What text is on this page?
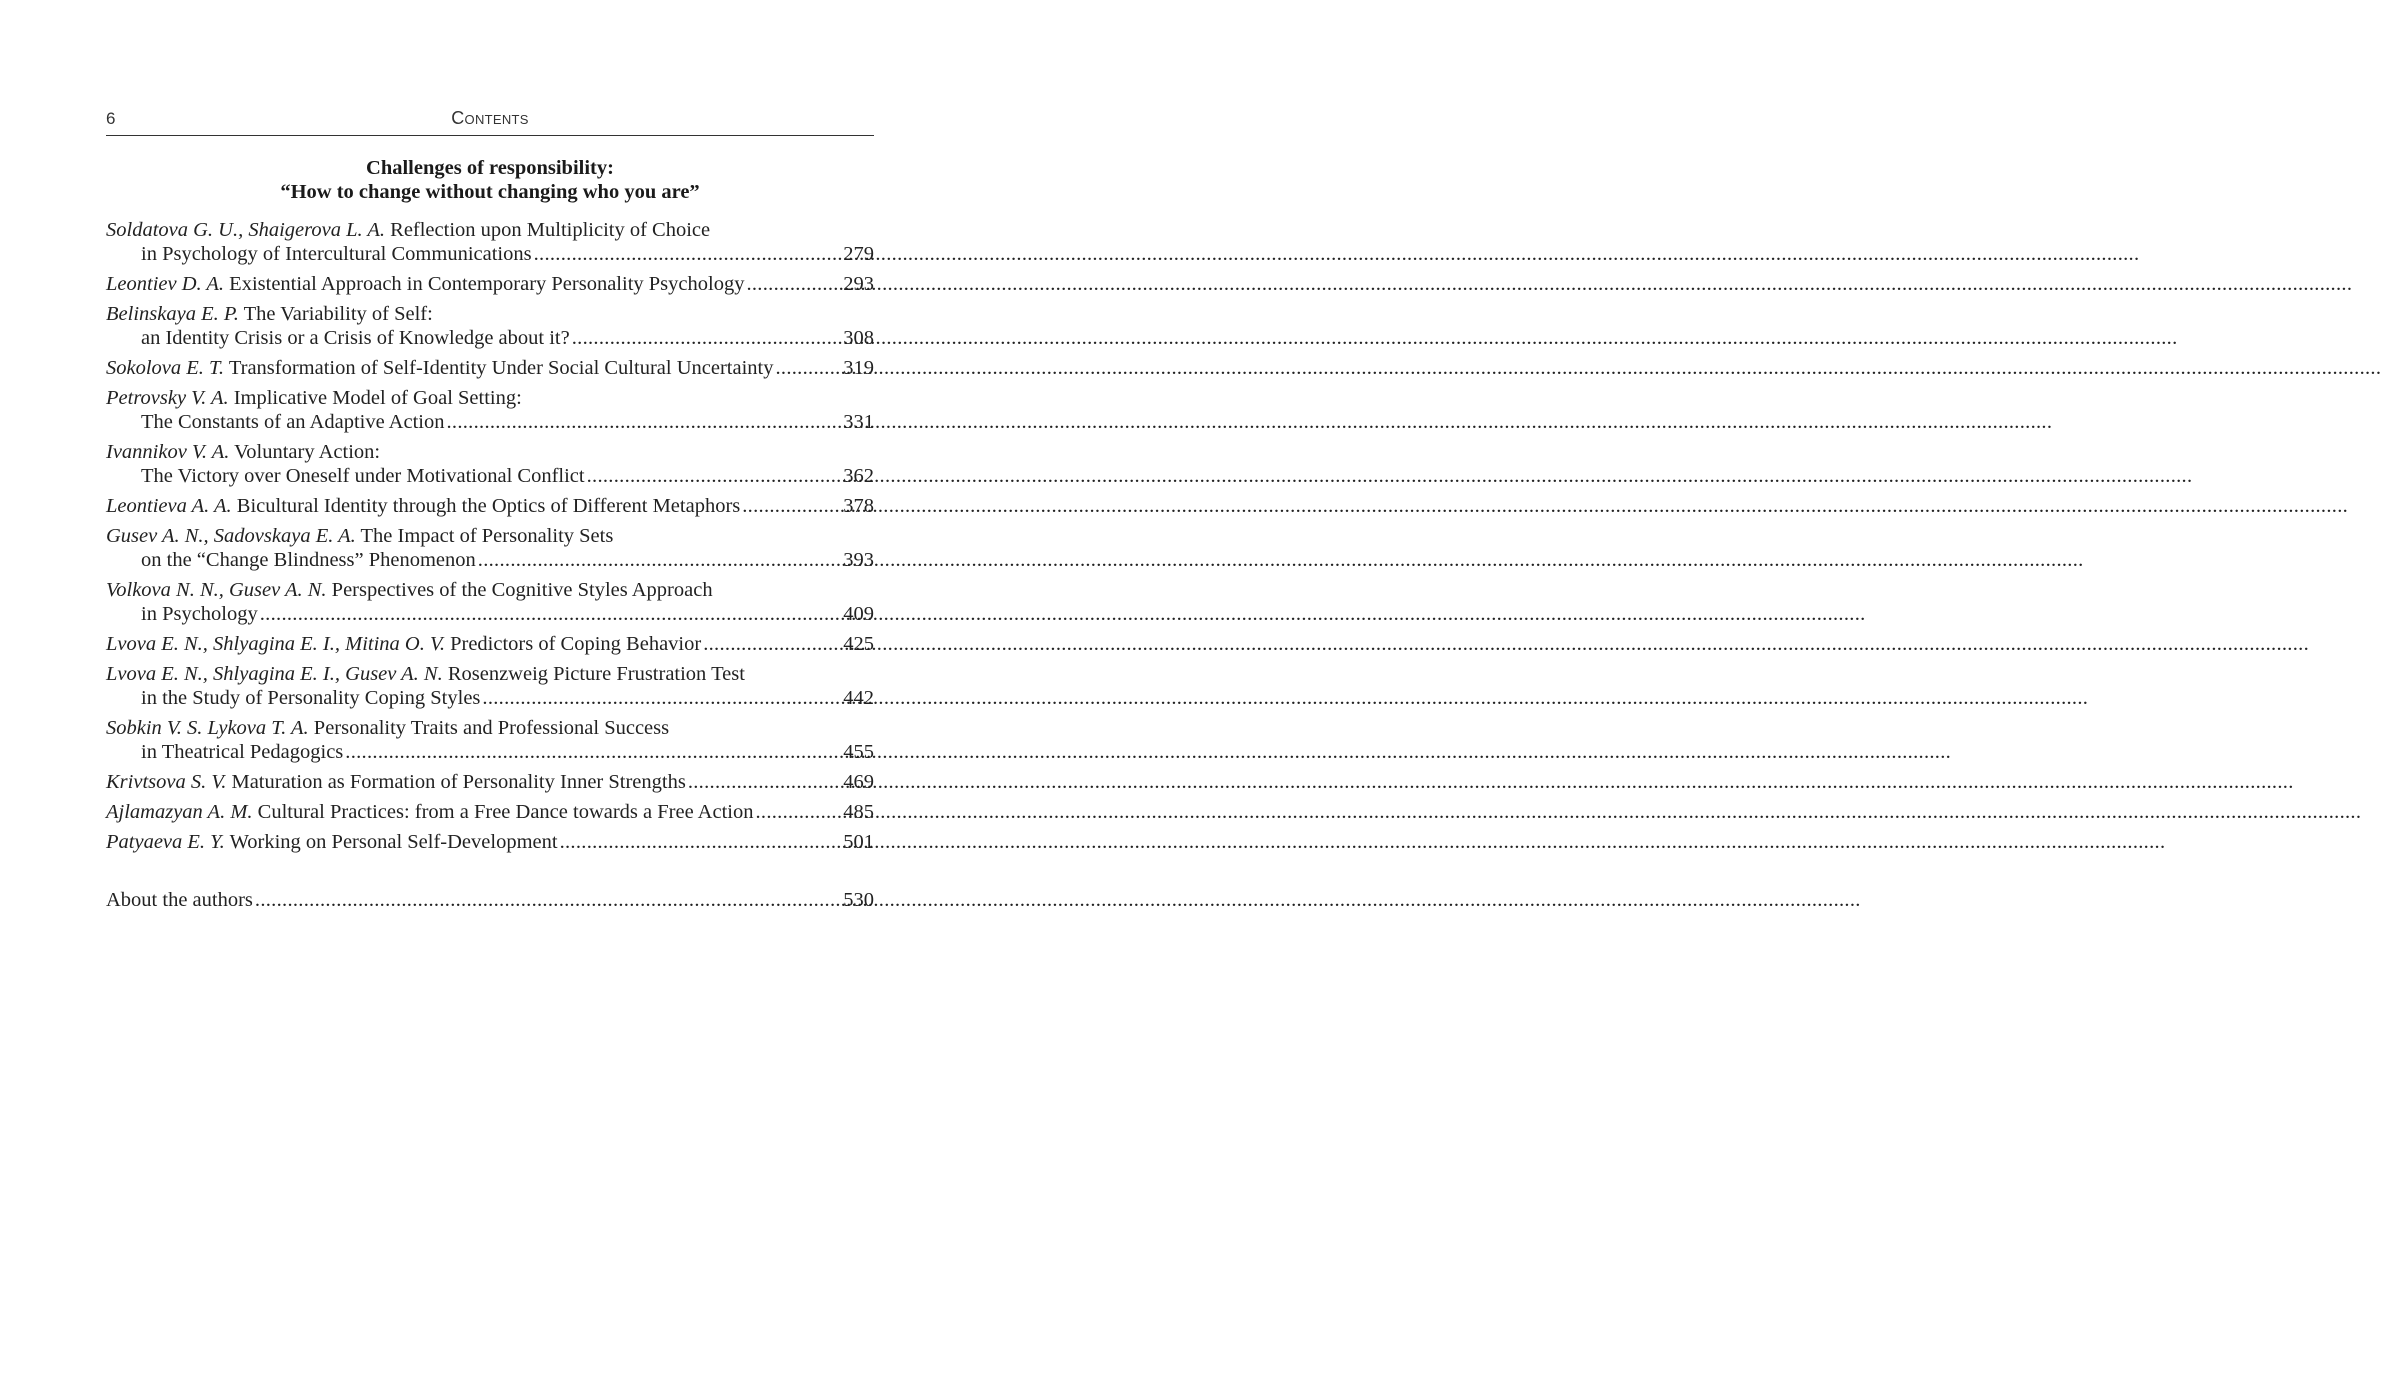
6	Contents
Challenges of responsibility:
“How to change without changing who you are”
Soldatova G. U., Shaigerova L. A. Reflection upon Multiplicity of Choice
in Psychology of Intercultural Communications .....	279
Leontiev D. A. Existential Approach in Contemporary Personality Psychology .....	293
Belinskaya E. P. The Variability of Self:
an Identity Crisis or a Crisis of Knowledge about it? .....	308
Sokolova E. T. Transformation of Self-Identity Under Social Cultural Uncertainty .....	319
Petrovsky V. A. Implicative Model of Goal Setting:
The Constants of an Adaptive Action .....	331
Ivannikov V. A. Voluntary Action:
The Victory over Oneself under Motivational Conflict .....	362
Leontieva A. A. Bicultural Identity through the Optics of Different Metaphors .....	378
Gusev A. N., Sadovskaya E. A. The Impact of Personality Sets
on the “Change Blindness” Phenomenon .....	393
Volkova N. N., Gusev A. N. Perspectives of the Cognitive Styles Approach
in Psychology .....	409
Lvova E. N., Shlyagina E. I., Mitina O. V. Predictors of Coping Behavior .....	425
Lvova E. N., Shlyagina E. I., Gusev A. N. Rosenzweig Picture Frustration Test
in the Study of Personality Coping Styles .....	442
Sobkin V. S. Lykova T. A. Personality Traits and Professional Success
in Theatrical Pedagogics .....	455
Krivtsova S. V. Maturation as Formation of Personality Inner Strengths .....	469
Ajlamazyan A. M. Cultural Practices: from a Free Dance towards a Free Action .....	485
Patyaeva E. Y. Working on Personal Self-Development .....	501
About the authors .....	530
